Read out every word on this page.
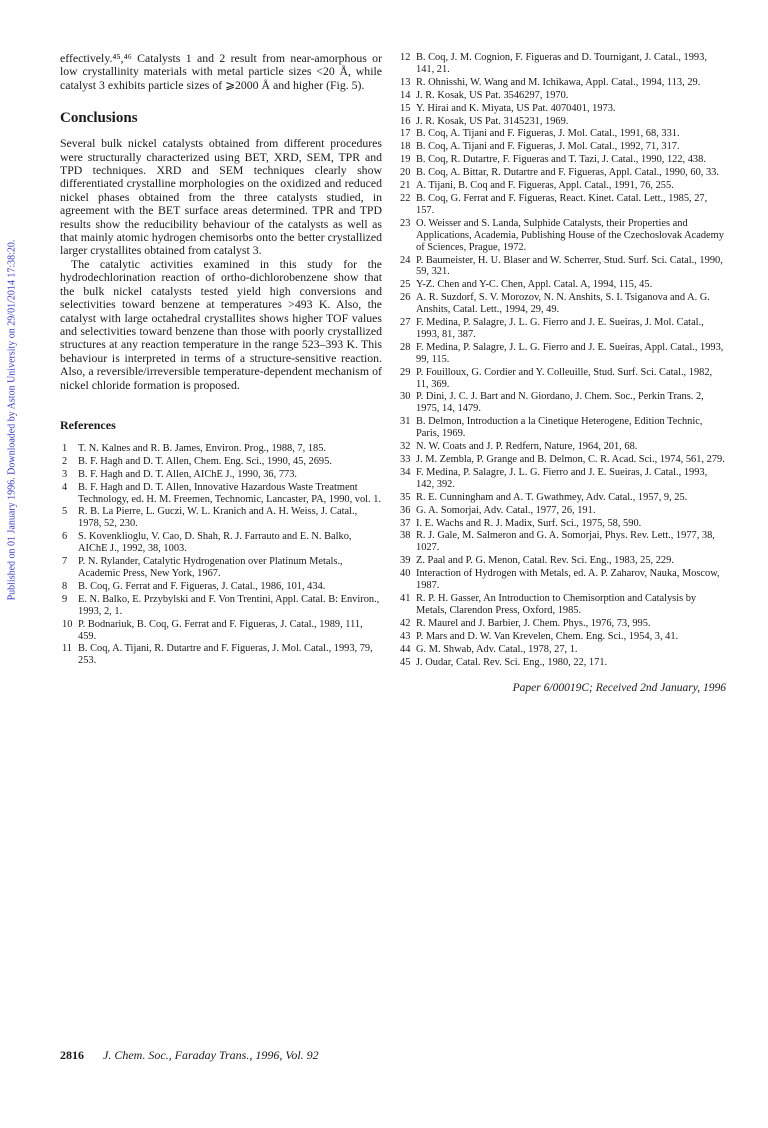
Published on 01 January 1996. Downloaded by Aston University on 29/01/2014 17:38:20.

effectively.⁴⁵,⁴⁶ Catalysts 1 and 2 result from near-amorphous or low crystallinity materials with metal particle sizes <20 Å, while catalyst 3 exhibits particle sizes of ⩾2000 Å and higher (Fig. 5).

Conclusions

Several bulk nickel catalysts obtained from different procedures were structurally characterized using BET, XRD, SEM, TPR and TPD techniques. XRD and SEM techniques clearly show differentiated crystalline morphologies on the oxidized and reduced nickel phases obtained from the three catalysts studied, in agreement with the BET surface areas determined. TPR and TPD results show the reducibility behaviour of the catalysts as well as that mainly atomic hydrogen chemisorbs onto the better crystallized larger crystallites obtained from catalyst 3.

The catalytic activities examined in this study for the hydrodechlorination reaction of ortho-dichlorobenzene show that the bulk nickel catalysts tested yield high conversions and selectivities toward benzene at temperatures >493 K. Also, the catalyst with large octahedral crystallites shows higher TOF values and selectivities toward benzene than those with poorly crystallized structures at any reaction temperature in the range 523–393 K. This behaviour is interpreted in terms of a structure-sensitive reaction. Also, a reversible/irreversible temperature-dependent mechanism of nickel chloride formation is proposed.

References
1	T. N. Kalnes and R. B. James, Environ. Prog., 1988, 7, 185.
2	B. F. Hagh and D. T. Allen, Chem. Eng. Sci., 1990, 45, 2695.
3	B. F. Hagh and D. T. Allen, AIChE J., 1990, 36, 773.
4	B. F. Hagh and D. T. Allen, Innovative Hazardous Waste Treatment Technology, ed. H. M. Freemen, Technomic, Lancaster, PA, 1990, vol. 1.
5	R. B. La Pierre, L. Guczi, W. L. Kranich and A. H. Weiss, J. Catal., 1978, 52, 230.
6	S. Kovenklioglu, V. Cao, D. Shah, R. J. Farrauto and E. N. Balko, AIChE J., 1992, 38, 1003.
7	P. N. Rylander, Catalytic Hydrogenation over Platinum Metals., Academic Press, New York, 1967.
8	B. Coq, G. Ferrat and F. Figueras, J. Catal., 1986, 101, 434.
9	E. N. Balko, E. Przybylski and F. Von Trentini, Appl. Catal. B: Environ., 1993, 2, 1.
10 P. Bodnariuk, B. Coq, G. Ferrat and F. Figueras, J. Catal., 1989, 111, 459.
11 B. Coq, A. Tijani, R. Dutartre and F. Figueras, J. Mol. Catal., 1993, 79, 253.
12 B. Coq, J. M. Cognion, F. Figueras and D. Tournigant, J. Catal., 1993, 141, 21.
13 R. Ohnisshi, W. Wang and M. Ichikawa, Appl. Catal., 1994, 113, 29.
14 J. R. Kosak, US Pat. 3546297, 1970.
15 Y. Hirai and K. Miyata, US Pat. 4070401, 1973.
16 J. R. Kosak, US Pat. 3145231, 1969.
17 B. Coq, A. Tijani and F. Figueras, J. Mol. Catal., 1991, 68, 331.
18 B. Coq, A. Tijani and F. Figueras, J. Mol. Catal., 1992, 71, 317.
19 B. Coq, R. Dutartre, F. Figueras and T. Tazi, J. Catal., 1990, 122, 438.
20 B. Coq, A. Bittar, R. Dutartre and F. Figueras, Appl. Catal., 1990, 60, 33.
21 A. Tijani, B. Coq and F. Figueras, Appl. Catal., 1991, 76, 255.
22 B. Coq, G. Ferrat and F. Figueras, React. Kinet. Catal. Lett., 1985, 27, 157.
23 O. Weisser and S. Landa, Sulphide Catalysts, their Properties and Applications, Academia, Publishing House of the Czechoslovak Academy of Sciences, Prague, 1972.
24 P. Baumeister, H. U. Blaser and W. Scherrer, Stud. Surf. Sci. Catal., 1990, 59, 321.
25 Y-Z. Chen and Y-C. Chen, Appl. Catal. A, 1994, 115, 45.
26 A. R. Suzdorf, S. V. Morozov, N. N. Anshits, S. I. Tsiganova and A. G. Anshits, Catal. Lett., 1994, 29, 49.
27 F. Medina, P. Salagre, J. L. G. Fierro and J. E. Sueiras, J. Mol. Catal., 1993, 81, 387.
28 F. Medina, P. Salagre, J. L. G. Fierro and J. E. Sueiras, Appl. Catal., 1993, 99, 115.
29 P. Fouilloux, G. Cordier and Y. Colleuille, Stud. Surf. Sci. Catal., 1982, 11, 369.
30 P. Dini, J. C. J. Bart and N. Giordano, J. Chem. Soc., Perkin Trans. 2, 1975, 14, 1479.
31 B. Delmon, Introduction a la Cinetique Heterogene, Edition Technic, Paris, 1969.
32 N. W. Coats and J. P. Redfern, Nature, 1964, 201, 68.
33 J. M. Zembla, P. Grange and B. Delmon, C. R. Acad. Sci., 1974, 561, 279.
34 F. Medina, P. Salagre, J. L. G. Fierro and J. E. Sueiras, J. Catal., 1993, 142, 392.
35 R. E. Cunningham and A. T. Gwathmey, Adv. Catal., 1957, 9, 25.
36 G. A. Somorjai, Adv. Catal., 1977, 26, 191.
37 I. E. Wachs and R. J. Madix, Surf. Sci., 1975, 58, 590.
38 R. J. Gale, M. Salmeron and G. A. Somorjai, Phys. Rev. Lett., 1977, 38, 1027.
39 Z. Paal and P. G. Menon, Catal. Rev. Sci. Eng., 1983, 25, 229.
40 Interaction of Hydrogen with Metals, ed. A. P. Zaharov, Nauka, Moscow, 1987.
41 R. P. H. Gasser, An Introduction to Chemisorption and Catalysis by Metals, Clarendon Press, Oxford, 1985.
42 R. Maurel and J. Barbier, J. Chem. Phys., 1976, 73, 995.
43 P. Mars and D. W. Van Krevelen, Chem. Eng. Sci., 1954, 3, 41.
44 G. M. Shwab, Adv. Catal., 1978, 27, 1.
45 J. Oudar, Catal. Rev. Sci. Eng., 1980, 22, 171.
Paper 6/00019C; Received 2nd January, 1996
2816 J. Chem. Soc., Faraday Trans., 1996, Vol. 92
